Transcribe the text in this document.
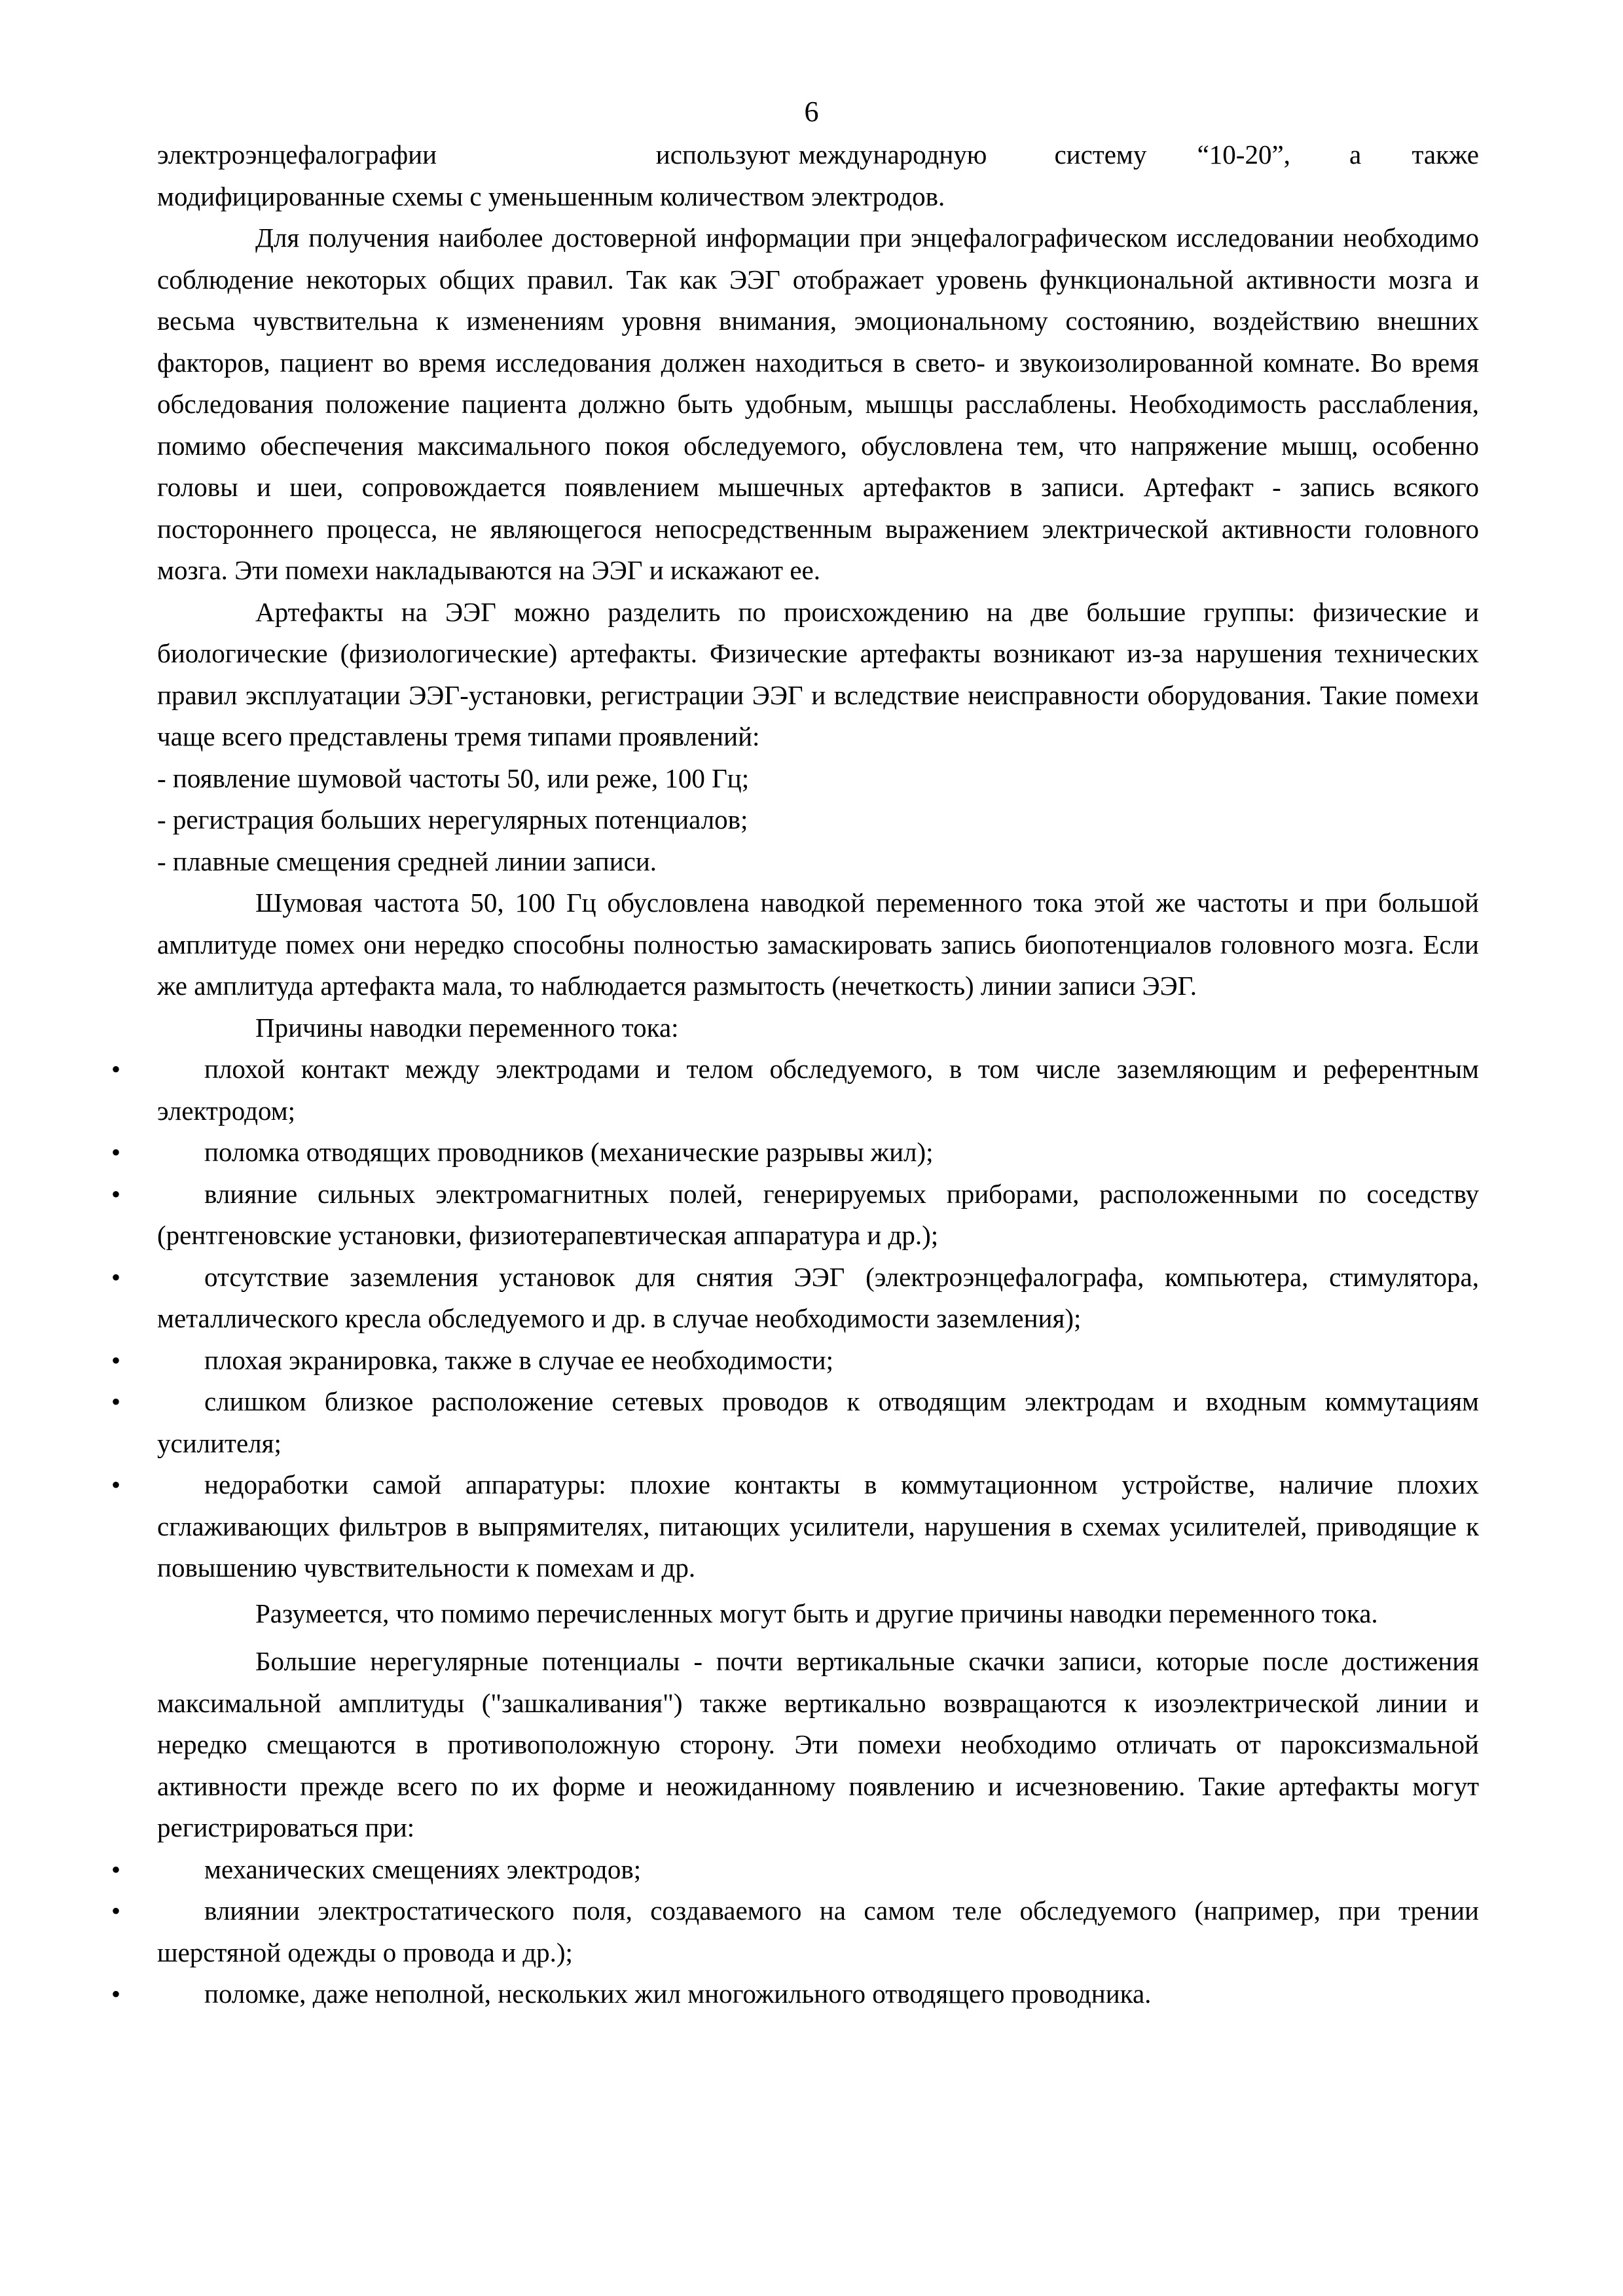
6

электроэнцефалографии                          используют международную        систему      “10-20”,       а      также

модифицированные схемы с уменьшенным количеством электродов.

Для получения наиболее достоверной информации при энцефалографическом исследовании необходимо соблюдение некоторых общих правил. Так как ЭЭГ отображает уровень функциональной активности мозга и весьма чувствительна к изменениям уровня внимания, эмоциональному состоянию, воздействию внешних факторов, пациент во время исследования должен находиться в свето- и звукоизолированной комнате. Во время обследования положение пациента должно быть удобным, мышцы расслаблены. Необходимость расслабления, помимо обеспечения максимального покоя обследуемого, обусловлена тем, что напряжение мышц, особенно головы и шеи, сопровождается появлением мышечных артефактов в записи. Артефакт - запись всякого постороннего процесса, не являющегося непосредственным выражением электрической активности головного мозга. Эти помехи накладываются на ЭЭГ и искажают ее.

Артефакты на ЭЭГ можно разделить по происхождению на две большие группы: физические и биологические (физиологические) артефакты. Физические артефакты возникают из-за нарушения технических правил эксплуатации ЭЭГ-установки, регистрации ЭЭГ и вследствие неисправности оборудования. Такие помехи чаще всего представлены тремя типами проявлений:

- появление шумовой частоты 50, или реже, 100 Гц;

- регистрация больших нерегулярных потенциалов;

- плавные смещения средней линии записи.

Шумовая частота 50, 100 Гц обусловлена наводкой переменного тока этой же частоты и при большой амплитуде помех они нередко способны полностью замаскировать запись биопотенциалов головного мозга. Если же амплитуда артефакта мала, то наблюдается размытость (нечеткость) линии записи ЭЭГ.

Причины наводки переменного тока:

•	плохой контакт между электродами и телом обследуемого, в том числе заземляющим и референтным электродом;
•	поломка отводящих проводников (механические разрывы жил);
•	влияние сильных электромагнитных полей, генерируемых приборами, расположенными по соседству (рентгеновские установки, физиотерапевтическая аппаратура и др.);
•	отсутствие заземления установок для снятия ЭЭГ (электроэнцефалографа, компьютера, стимулятора, металлического кресла обследуемого и др. в случае необходимости заземления);
•	плохая экранировка, также в случае ее необходимости;
•	слишком близкое расположение сетевых проводов к отводящим электродам и входным коммутациям усилителя;
•	недоработки самой аппаратуры: плохие контакты в коммутационном устройстве, наличие плохих сглаживающих фильтров в выпрямителях, питающих усилители, нарушения в схемах усилителей, приводящие к повышению чувствительности к помехам и др.

Разумеется, что помимо перечисленных могут быть и другие причины наводки переменного тока.

Большие нерегулярные потенциалы - почти вертикальные скачки записи, которые после достижения максимальной амплитуды ("зашкаливания") также вертикально возвращаются к изоэлектрической линии и нередко смещаются в противоположную сторону. Эти помехи необходимо отличать от пароксизмальной активности прежде всего по их форме и неожиданному появлению и исчезновению. Такие артефакты могут регистрироваться при:

•	механических смещениях электродов;
•	влиянии электростатического поля, создаваемого на самом теле обследуемого (например, при трении шерстяной одежды о провода и др.);
•	поломке, даже неполной, нескольких жил многожильного отводящего проводника.
